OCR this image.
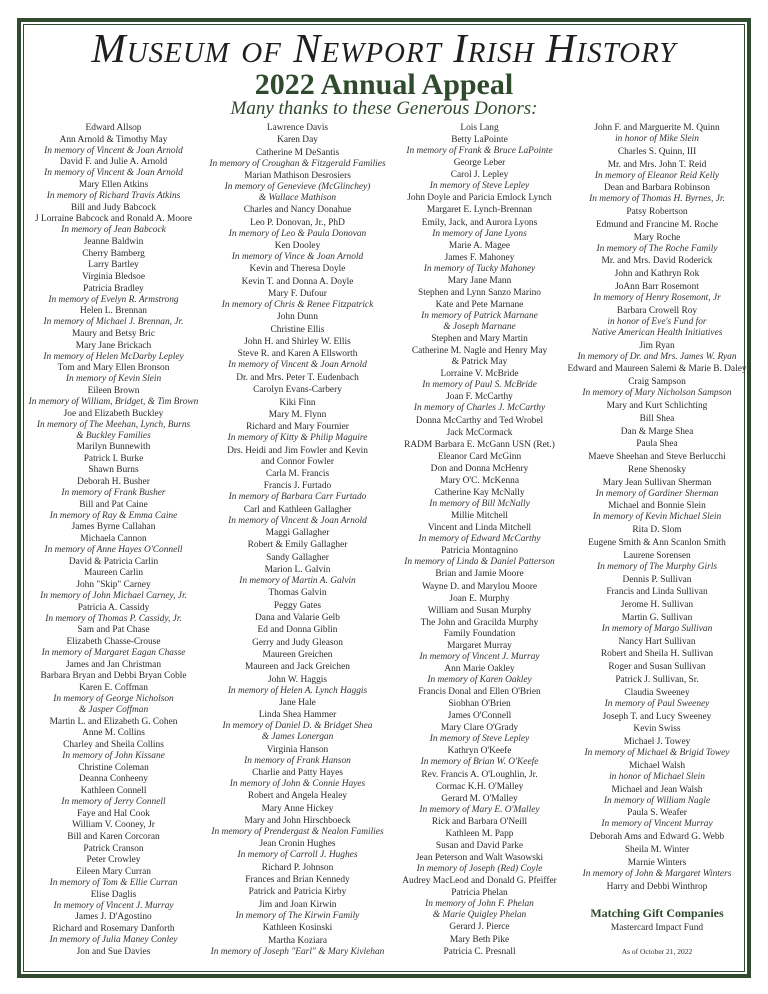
Museum of Newport Irish History
2022 Annual Appeal
Many thanks to these Generous Donors:
Edward Allsop
Ann Arnold & Timothy May
In memory of Vincent & Joan Arnold
David F. and Julie A. Arnold
In memory of Vincent & Joan Arnold
Mary Ellen Atkins
In memory of Richard Travis Atkins
Bill and Judy Babcock
J Lorraine Babcock and Ronald A. Moore
In memory of Jean Babcock
Jeanne Baldwin
Cherry Bamberg
Larry Bartley
Virginia Bledsoe
Patricia Bradley
In memory of Evelyn R. Armstrong
Helen L. Brennan
In memory of Michael J. Brennan, Jr.
Maury and Betsy Bric
Mary Jane Brickach
In memory of Helen McDarby Lepley
Tom and Mary Ellen Bronson
In memory of Kevin Slein
Eileen Brown
In memory of William, Bridget, & Tim Brown
Joe and Elizabeth Buckley
In memory of The Meehan, Lynch, Burns
& Buckley Families
Marilyn Bunnewith
Patrick I. Burke
Shawn Burns
Deborah H. Busher
In memory of Frank Busher
Bill and Pat Caine
In memory of Ray & Emma Caine
James Byrne Callahan
Michaela Cannon
In memory of Anne Hayes O'Connell
David & Patricia Carlin
Maureen Carlin
John "Skip" Carney
In memory of John Michael Carney, Jr.
Patricia A. Cassidy
In memory of Thomas P. Cassidy, Jr.
Sam and Pat Chase
Elizabeth Chasse-Crouse
In memory of Margaret Eagan Chasse
James and Jan Christman
Barbara Bryan and Debbi Bryan Coble
Karen E. Coffman
In memory of George Nicholson
& Jasper Coffman
Martin L. and Elizabeth G. Cohen
Anne M. Collins
Charley and Sheila Collins
In memory of John Kissane
Christine Coleman
Deanna Conheeny
Kathleen Connell
In memory of Jerry Connell
Faye and Hal Cook
William V. Cooney, Jr
Bill and Karen Corcoran
Patrick Cranson
Peter Crowley
Eileen Mary Curran
In memory of Tom & Ellie Curran
Elise Daglis
In memory of Vincent J. Murray
James J. D'Agostino
Richard and Rosemary Danforth
In memory of Julia Maney Conley
Jon and Sue Davies
Lawrence Davis
Karen Day
Catherine M DeSantis
In memory of Croughan & Fitzgerald Families
Marian Mathison Desrosiers
In memory of Genevieve (McGlinchey)
& Wallace Mathison
Charles and Nancy Donahue
Leo P. Donovan, Jr., PhD
In memory of Leo & Paula Donovan
Ken Dooley
In memory of Vince & Joan Arnold
Kevin and Theresa Doyle
Kevin T. and Donna A. Doyle
Mary F. Dufour
In memory of Chris & Renee Fitzpatrick
John Dunn
Christine Ellis
John H. and Shirley W. Ellis
Steve R. and Karen A Ellsworth
In memory of Vincent & Joan Arnold
Dr. and Mrs. Peter T. Eudenbach
Carolyn Evans-Carbery
Kiki Finn
Mary M. Flynn
Richard and Mary Fournier
In memory of Kitty & Philip Maguire
Drs. Heidi and Jim Fowler and Kevin
and Connor Fowler
Carla M. Francis
Francis J. Furtado
In memory of Barbara Carr Furtado
Carl and Kathleen Gallagher
In memory of Vincent & Joan Arnold
Maggi Gallagher
Robert & Emily Gallagher
Sandy Gallagher
Marion L. Galvin
In memory of Martin A. Galvin
Thomas Galvin
Peggy Gates
Dana and Valarie Gelb
Ed and Donna Giblin
Gerry and Judy Gleason
Maureen Greichen
Maureen and Jack Greichen
John W. Haggis
In memory of Helen A. Lynch Haggis
Jane Hale
Linda Shea Hammer
In memory of Daniel D. & Bridget Shea
& James Lonergan
Virginia Hanson
In memory of Frank Hanson
Charlie and Patty Hayes
In memory of John & Connie Hayes
Robert and Angela Healey
Mary Anne Hickey
Mary and John Hirschboeck
In memory of Prendergast & Nealon Families
Jean Cronin Hughes
In memory of Carroll J. Hughes
Richard P. Johnson
Frances and Brian Kennedy
Patrick and Patricia Kirby
Jim and Joan Kirwin
In memory of The Kirwin Family
Kathleen Kosinski
Martha Koziara
In memory of Joseph "Earl" & Mary Kivlehan
Lois Lang
Betty LaPointe
In memory of Frank & Bruce LaPointe
George Leber
Carol J. Lepley
In memory of Steve Lepley
John Doyle and Paricia Emlock Lynch
Margaret E. Lynch-Brennan
Emily, Jack, and Aurora Lyons
In memory of Jane Lyons
Marie A. Magee
James F. Mahoney
In memory of Tucky Mahoney
Mary Jane Mann
Stephen and Lynn Sanzo Marino
Kate and Pete Marnane
In memory of Patrick Marnane
& Joseph Marnane
Stephen and Mary Martin
Catherine M. Nagle and Henry May
& Patrick May
Lorraine V. McBride
In memory of Paul S. McBride
Joan F. McCarthy
In memory of Charles J. McCarthy
Donna McCarthy and Ted Wrobel
Jack McCormack
RADM Barbara E. McGann USN (Ret.)
Eleanor Card McGinn
Don and Donna McHenry
Mary O'C. McKenna
Catherine Kay McNally
In memory of Bill McNally
Millie Mitchell
Vincent and Linda Mitchell
In memory of Edward McCarthy
Patricia Montagnino
In memory of Linda & Daniel Patterson
Brian and Jamie Moore
Wayne D. and Marylou Moore
Joan E. Murphy
William and Susan Murphy
The John and Gracilda Murphy
Family Foundation
Margaret Murray
In memory of Vincent J. Murray
Ann Marie Oakley
In memory of Karen Oakley
Francis Donal and Ellen O'Brien
Siobhan O'Brien
James O'Connell
Mary Clare O'Grady
In memory of Steve Lepley
Kathryn O'Keefe
In memory of Brian W. O'Keefe
Rev. Francis A. O'Loughlin, Jr.
Cormac K.H. O'Malley
Gerard M. O'Malley
In memory of Mary E. O'Malley
Rick and Barbara O'Neill
Kathleen M. Papp
Susan and David Parke
Jean Peterson and Walt Wasowski
In memory of Joseph (Red) Coyle
Audrey MacLeod and Donald G. Pfeiffer
Patricia Phelan
In memory of John F. Phelan
& Marie Quigley Phelan
Gerard J. Pierce
Mary Beth Pike
Patricia C. Presnall
John F. and Marguerite M. Quinn
in honor of Mike Slein
Charles S. Quinn, III
Mr. and Mrs. John T. Reid
In memory of Eleanor Reid Kelly
Dean and Barbara Robinson
In memory of Thomas H. Byrnes, Jr.
Patsy Robertson
Edmund and Francine M. Roche
Mary Roche
In memory of The Roche Family
Mr. and Mrs. David Roderick
John and Kathryn Rok
JoAnn Barr Rosemont
In memory of Henry Rosemont, Jr
Barbara Crowell Roy
in honor of Eve's Fund for
Native American Health Initiatives
Jim Ryan
In memory of Dr. and Mrs. James W. Ryan
Edward and Maureen Salemi & Marie B. Daley
Craig Sampson
In memory of Mary Nicholson Sampson
Mary and Kurt Schlichting
Bill Shea
Dan & Marge Shea
Paula Shea
Maeve Sheehan and Steve Berlucchi
Rene Shenosky
Mary Jean Sullivan Sherman
In memory of Gardiner Sherman
Michael and Bonnie Slein
In memory of Kevin Michael Slein
Rita D. Slom
Eugene Smith & Ann Scanlon Smith
Laurene Sorensen
In memory of The Murphy Girls
Dennis P. Sullivan
Francis and Linda Sullivan
Jerome H. Sullivan
Martin G. Sullivan
In memory of Margo Sullivan
Nancy Hart Sullivan
Robert and Sheila H. Sullivan
Roger and Susan Sullivan
Patrick J. Sullivan, Sr.
Claudia Sweeney
In memory of Paul Sweeney
Joseph T. and Lucy Sweeney
Kevin Swiss
Michael J. Towey
In memory of Michael & Brigid Towey
Michael Walsh
in honor of Michael Slein
Michael and Jean Walsh
In memory of William Nagle
Paula S. Weafer
In memory of Vincent Murray
Deborah Ams and Edward G. Webb
Sheila M. Winter
Marnie Winters
In memory of John & Margaret Winters
Harry and Debbi Winthrop
Matching Gift Companies
Mastercard Impact Fund
As of October 21, 2022
